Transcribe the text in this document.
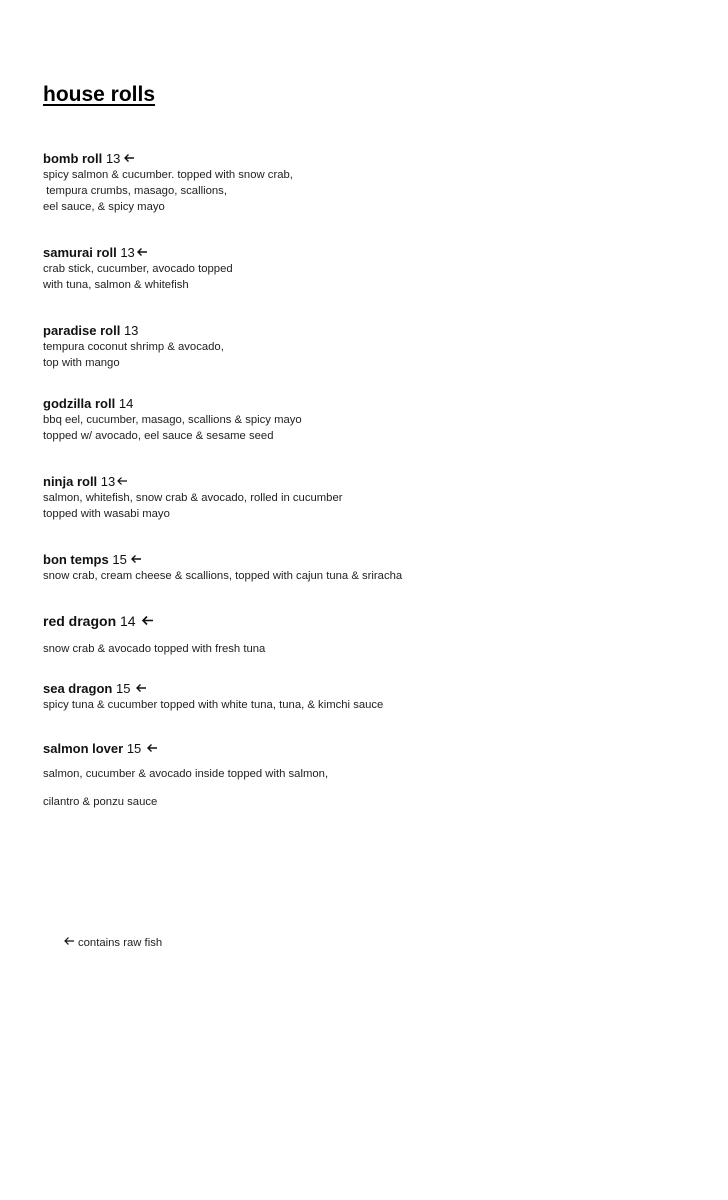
house rolls
bomb roll 13
spicy salmon & cucumber. topped with snow crab,
tempura crumbs, masago, scallions,
eel sauce, & spicy mayo
samurai roll 13
crab stick, cucumber, avocado topped
with tuna, salmon & whitefish
paradise roll 13
tempura coconut shrimp & avocado,
top with mango
godzilla roll 14
bbq eel, cucumber, masago, scallions & spicy mayo
topped w/ avocado, eel sauce & sesame seed
ninja roll 13
salmon, whitefish, snow crab & avocado, rolled in cucumber
topped with wasabi mayo
bon temps 15
snow crab, cream cheese & scallions, topped with cajun tuna & sriracha
red dragon 14
snow crab & avocado topped with fresh tuna
sea dragon 15
spicy tuna & cucumber topped with white tuna, tuna, & kimchi sauce
salmon lover 15
salmon, cucumber & avocado inside topped with salmon,
cilantro & ponzu sauce
contains raw fish
